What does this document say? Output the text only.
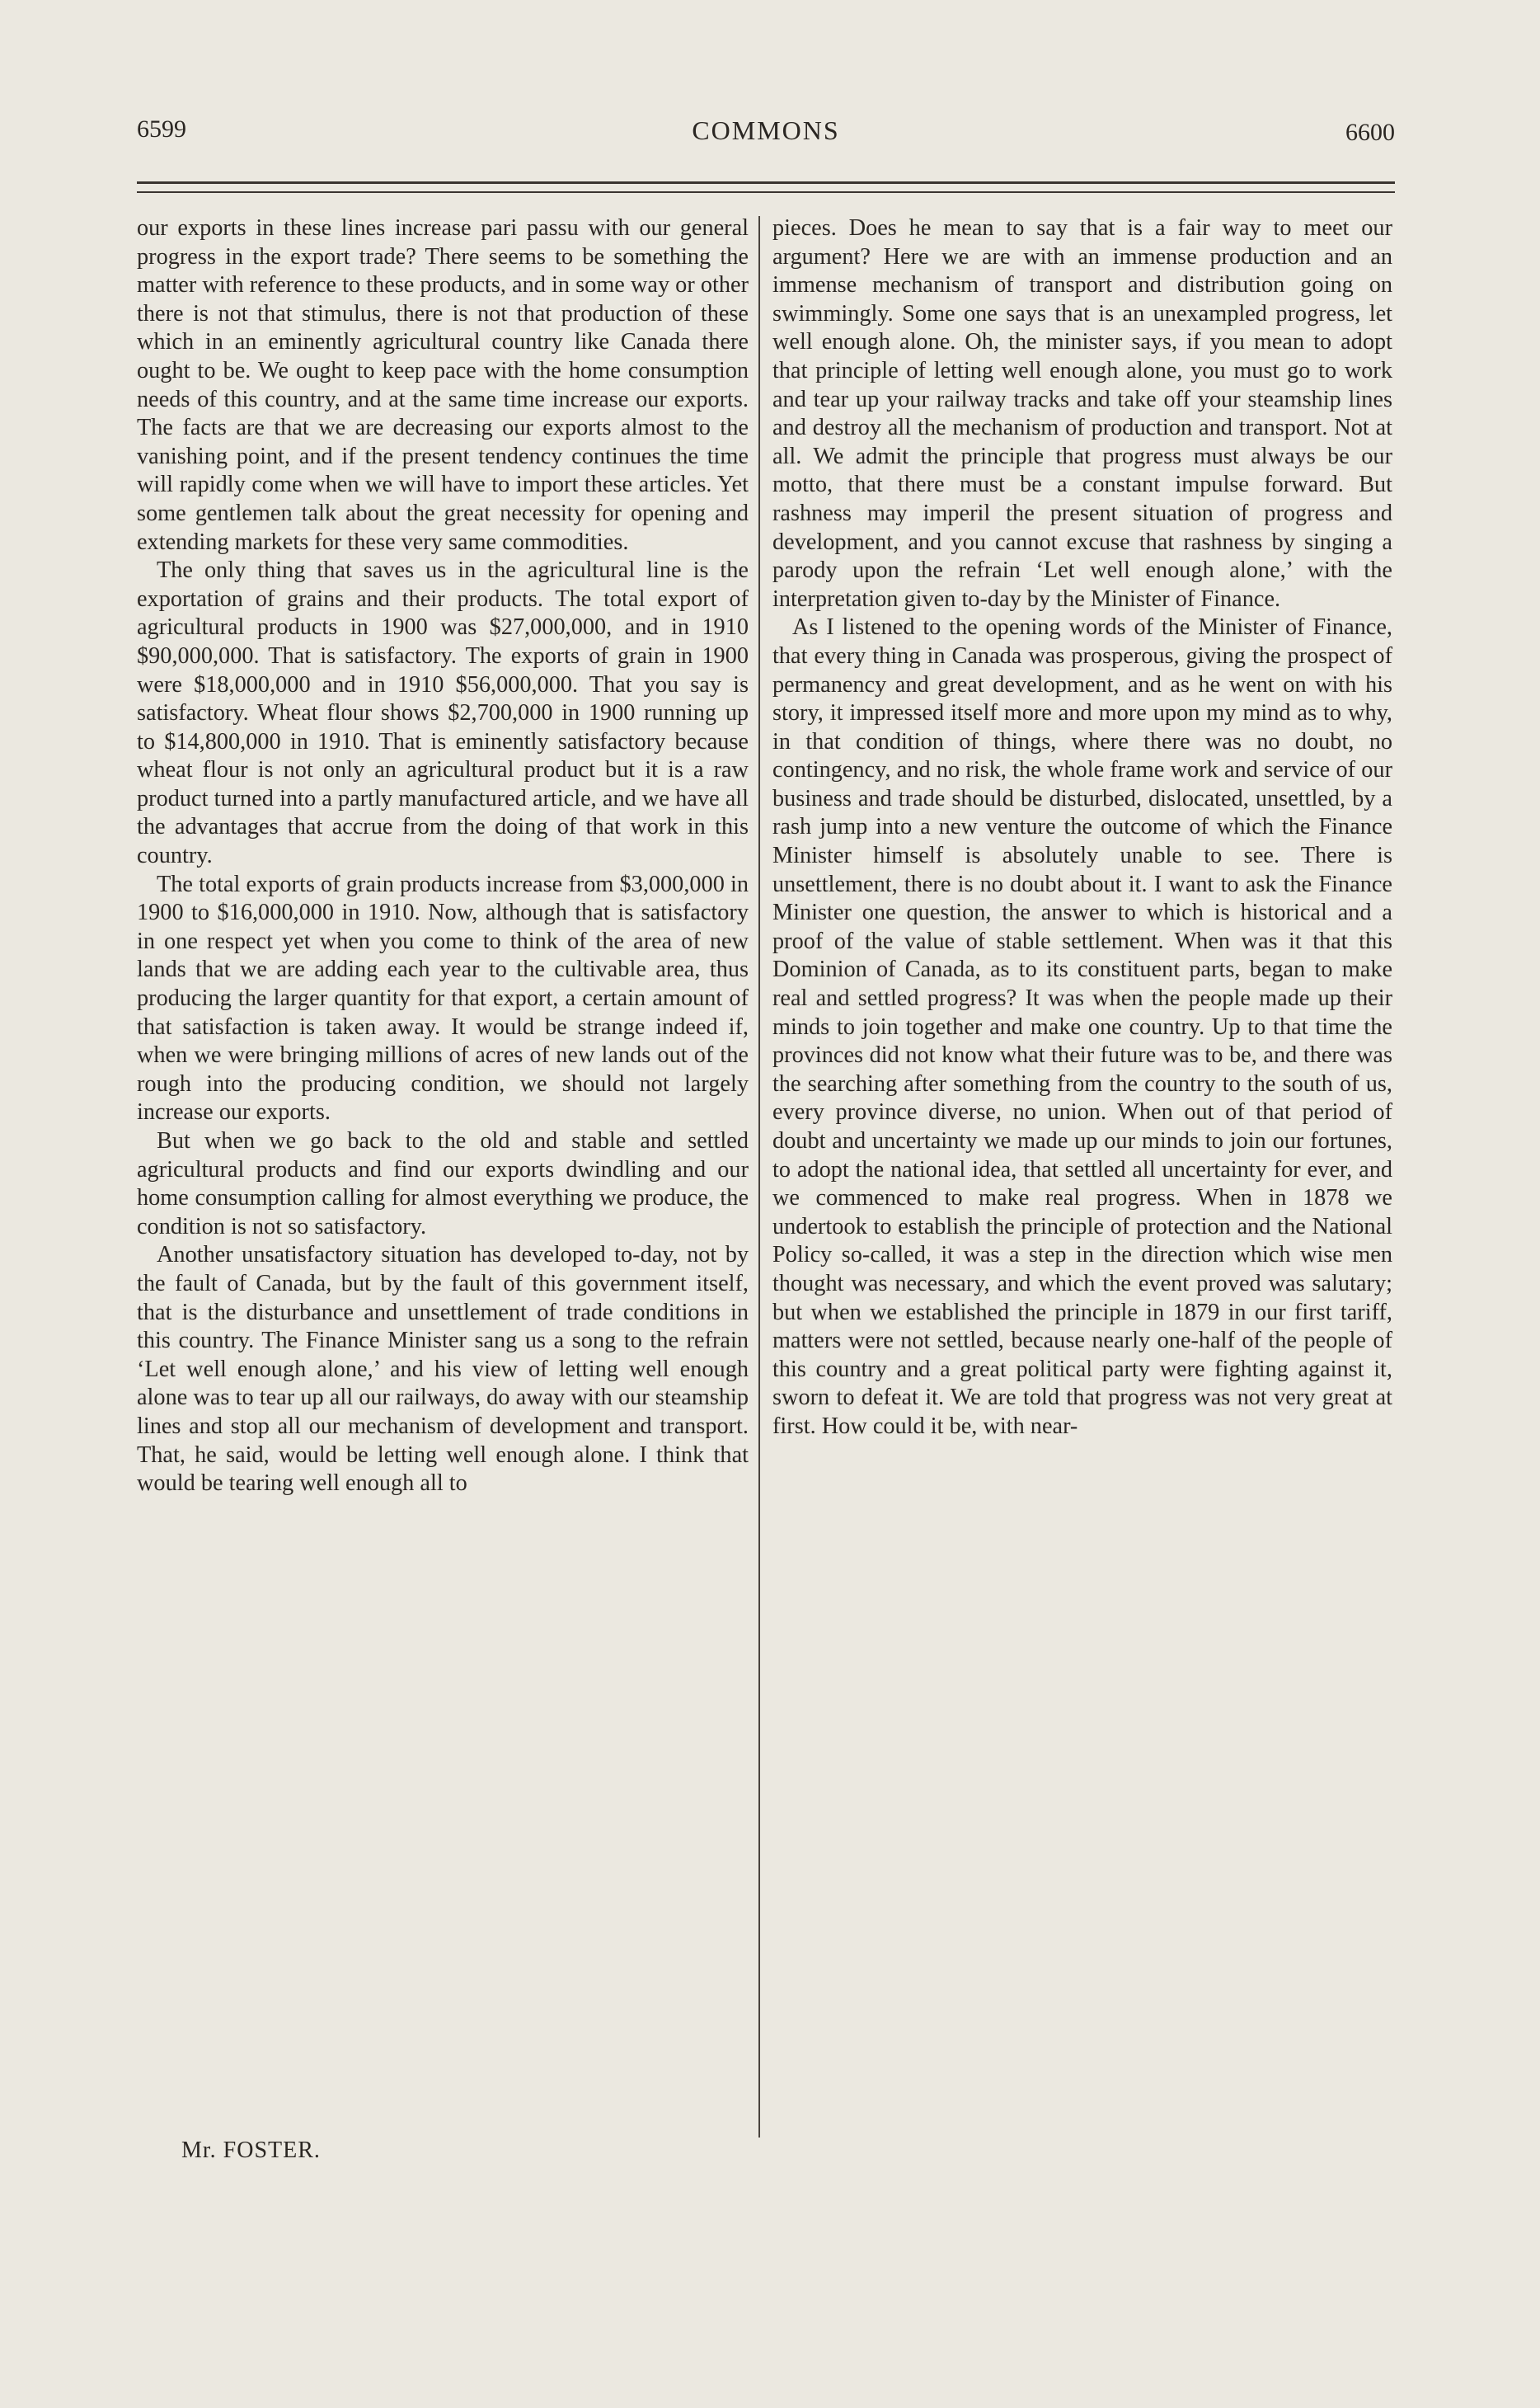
6599	COMMONS	6600

our exports in these lines increase pari passu with our general progress in the export trade? There seems to be something the matter with reference to these products, and in some way or other there is not that stimulus, there is not that production of these which in an eminently agricultural country like Canada there ought to be. We ought to keep pace with the home consumption needs of this country, and at the same time increase our exports. The facts are that we are decreasing our exports almost to the vanishing point, and if the present tendency continues the time will rapidly come when we will have to import these articles. Yet some gentlemen talk about the great necessity for opening and extending markets for these very same commodities.

The only thing that saves us in the agricultural line is the exportation of grains and their products. The total export of agricultural products in 1900 was $27,000,000, and in 1910 $90,000,000. That is satisfactory. The exports of grain in 1900 were $18,000,000 and in 1910 $56,000,000. That you say is satisfactory. Wheat flour shows $2,700,000 in 1900 running up to $14,800,000 in 1910. That is eminently satisfactory because wheat flour is not only an agricultural product but it is a raw product turned into a partly manufactured article, and we have all the advantages that accrue from the doing of that work in this country.

The total exports of grain products increase from $3,000,000 in 1900 to $16,000,000 in 1910. Now, although that is satisfactory in one respect yet when you come to think of the area of new lands that we are adding each year to the cultivable area, thus producing the larger quantity for that export, a certain amount of that satisfaction is taken away. It would be strange indeed if, when we were bringing millions of acres of new lands out of the rough into the producing condition, we should not largely increase our exports.

But when we go back to the old and stable and settled agricultural products and find our exports dwindling and our home consumption calling for almost everything we produce, the condition is not so satisfactory.

Another unsatisfactory situation has developed to-day, not by the fault of Canada, but by the fault of this government itself, that is the disturbance and unsettlement of trade conditions in this country. The Finance Minister sang us a song to the refrain ‘Let well enough alone,’ and his view of letting well enough alone was to tear up all our railways, do away with our steamship lines and stop all our mechanism of development and transport. That, he said, would be letting well enough alone. I think that would be tearing well enough all to

pieces. Does he mean to say that is a fair way to meet our argument? Here we are with an immense production and an immense mechanism of transport and distribution going on swimmingly. Some one says that is an unexampled progress, let well enough alone. Oh, the minister says, if you mean to adopt that principle of letting well enough alone, you must go to work and tear up your railway tracks and take off your steamship lines and destroy all the mechanism of production and transport. Not at all. We admit the principle that progress must always be our motto, that there must be a constant impulse forward. But rashness may imperil the present situation of progress and development, and you cannot excuse that rashness by singing a parody upon the refrain ‘Let well enough alone,’ with the interpretation given to-day by the Minister of Finance.

As I listened to the opening words of the Minister of Finance, that every thing in Canada was prosperous, giving the prospect of permanency and great development, and as he went on with his story, it impressed itself more and more upon my mind as to why, in that condition of things, where there was no doubt, no contingency, and no risk, the whole frame work and service of our business and trade should be disturbed, dislocated, unsettled, by a rash jump into a new venture the outcome of which the Finance Minister himself is absolutely unable to see. There is unsettlement, there is no doubt about it. I want to ask the Finance Minister one question, the answer to which is historical and a proof of the value of stable settlement. When was it that this Dominion of Canada, as to its constituent parts, began to make real and settled progress? It was when the people made up their minds to join together and make one country. Up to that time the provinces did not know what their future was to be, and there was the searching after something from the country to the south of us, every province diverse, no union. When out of that period of doubt and uncertainty we made up our minds to join our fortunes, to adopt the national idea, that settled all uncertainty for ever, and we commenced to make real progress. When in 1878 we undertook to establish the principle of protection and the National Policy so-called, it was a step in the direction which wise men thought was necessary, and which the event proved was salutary; but when we established the principle in 1879 in our first tariff, matters were not settled, because nearly one-half of the people of this country and a great political party were fighting against it, sworn to defeat it. We are told that progress was not very great at first. How could it be, with near-

Mr. FOSTER.
